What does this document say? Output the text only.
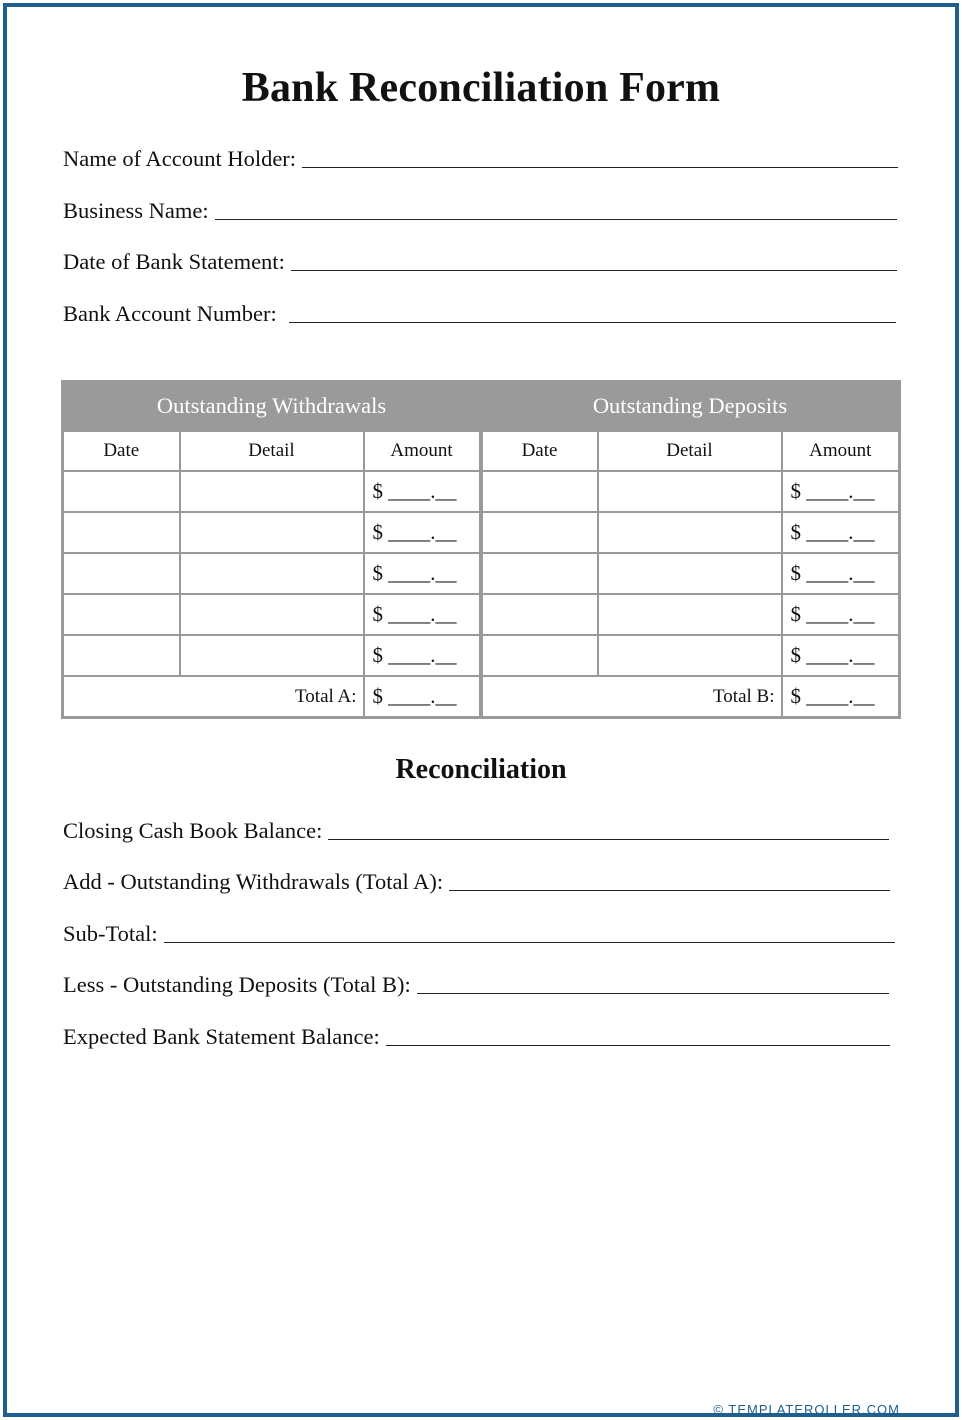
Bank Reconciliation Form
Name of Account Holder:
Business Name:
Date of Bank Statement:
Bank Account Number:
Outstanding Withdrawals			Outstanding Deposits		
Date	Detail	Amount	Date	Detail	Amount
		$ ____.__			$ ____.__
		$ ____.__			$ ____.__
		$ ____.__			$ ____.__
		$ ____.__			$ ____.__
		$ ____.__			$ ____.__
Total A:		$ ____.__	Total B:		$ ____.__
Reconciliation
Closing Cash Book Balance:
Add - Outstanding Withdrawals (Total A):
Sub-Total:
Less - Outstanding Deposits (Total B):
Expected Bank Statement Balance:
© TEMPLATEROLLER.COM
